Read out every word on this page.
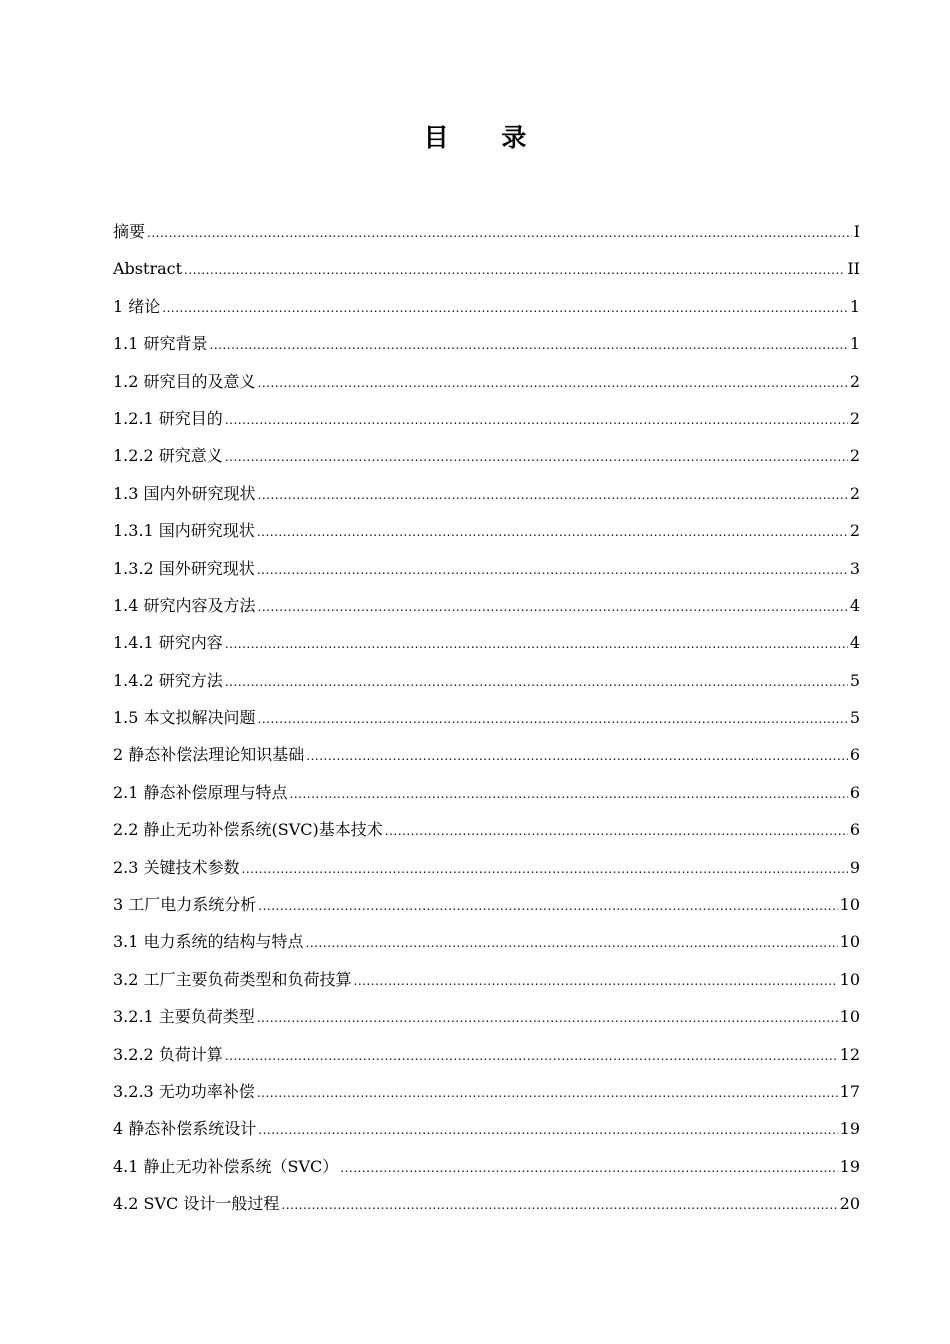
目 录
摘要 .....	I
Abstract .....	II
1 绪论 .....	1
1.1 研究背景 .....	1
1.2 研究目的及意义 .....	2
1.2.1 研究目的 .....	2
1.2.2 研究意义 .....	2
1.3 国内外研究现状 .....	2
1.3.1 国内研究现状 .....	2
1.3.2 国外研究现状 .....	3
1.4 研究内容及方法 .....	4
1.4.1 研究内容 .....	4
1.4.2 研究方法 .....	5
1.5 本文拟解决问题 .....	5
2 静态补偿法理论知识基础 .....	6
2.1 静态补偿原理与特点 .....	6
2.2 静止无功补偿系统(SVC)基本技术 .....	6
2.3 关键技术参数 .....	9
3 工厂电力系统分析 .....	10
3.1 电力系统的结构与特点 .....	10
3.2 工厂主要负荷类型和负荷技算 .....	10
3.2.1 主要负荷类型 .....	10
3.2.2 负荷计算 .....	12
3.2.3 无功功率补偿 .....	17
4 静态补偿系统设计 .....	19
4.1 静止无功补偿系统（SVC） .....	19
4.2 SVC 设计一般过程 .....	20
